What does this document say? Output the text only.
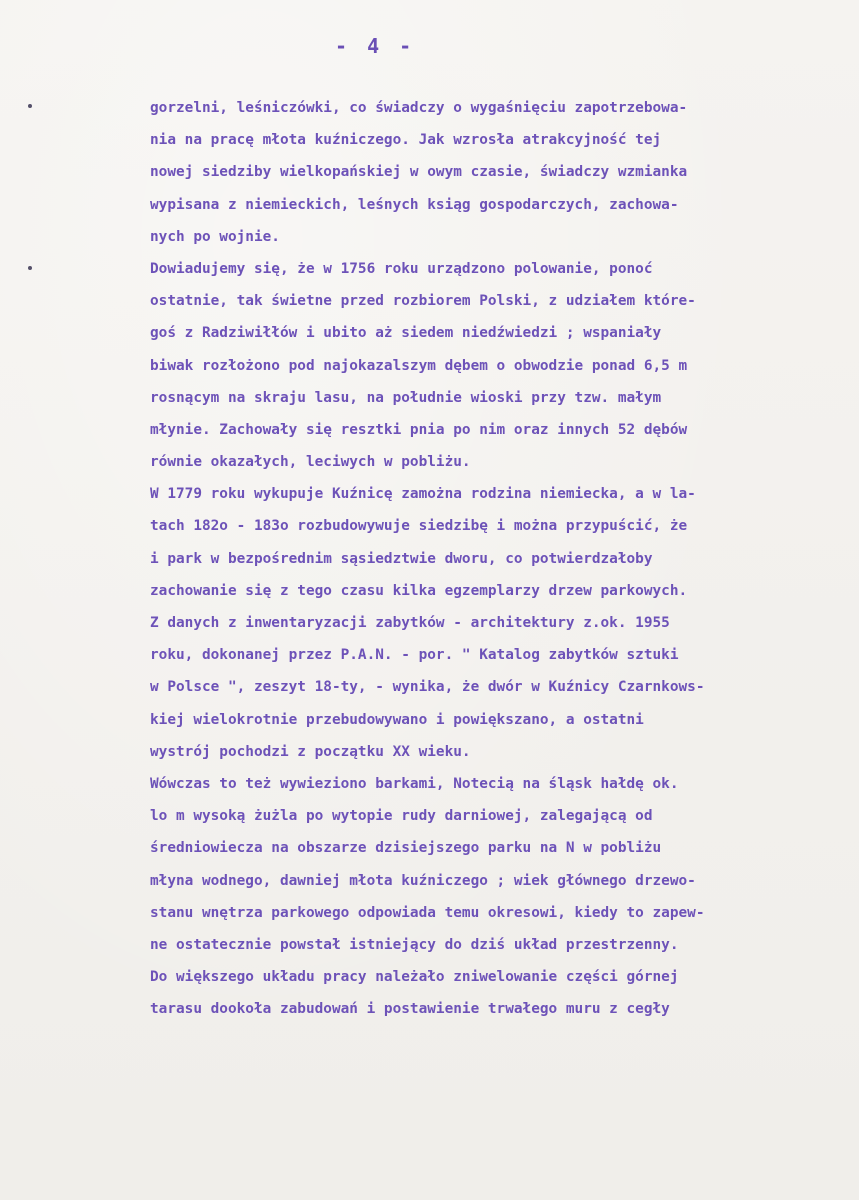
- 4 -
gorzelni, leśniczówki, co świadczy o wygaśnięciu zapotrzebowa-
nia na pracę młota kuźniczego. Jak wzrosła atrakcyjność tej
nowej siedziby wielkopańskiej w owym czasie, świadczy wzmianka
wypisana z niemieckich, leśnych ksiąg gospodarczych, zachowa-
nych po wojnie.
Dowiadujemy się, że w 1756 roku urządzono polowanie, ponoć
ostatnie, tak świetne przed rozbiorem Polski, z udziałem które-
goś z Radziwiłłów i ubito aż siedem niedźwiedzi ; wspaniały
biwak rozłożono pod najokazalszym dębem o obwodzie ponad 6,5 m
rosnącym na skraju lasu, na południe wioski przy tzw. małym
młynie. Zachowały się resztki pnia po nim oraz innych 52 dębów
równie okazałych, leciwych w pobliżu.
W 1779 roku wykupuje Kuźnicę zamożna rodzina niemiecka, a w la-
tach 182o - 183o rozbudowywuje siedzibę i można przypuścić, że
i park w bezpośrednim sąsiedztwie dworu, co potwierdzałoby
zachowanie się z tego czasu kilka egzemplarzy drzew parkowych.
Z danych z inwentaryzacji zabytków - architektury z.ok. 1955
roku, dokonanej przez P.A.N. - por. " Katalog zabytków sztuki
w Polsce ", zeszyt 18-ty, - wynika, że dwór w Kuźnicy Czarnkows-
kiej wielokrotnie przebudowywano i powiększano, a ostatni
wystrój pochodzi z początku XX wieku.
Wówczas to też wywieziono barkami, Notecią na śląsk hałdę ok.
lo m wysoką żużla po wytopie rudy darniowej, zalegającą od
średniowiecza na obszarze dzisiejszego parku na N w pobliżu
młyna wodnego, dawniej młota kuźniczego ; wiek głównego drzewo-
stanu wnętrza parkowego odpowiada temu okresowi, kiedy to zapew-
ne ostatecznie powstał istniejący do dziś układ przestrzenny.
Do większego układu pracy należało zniwelowanie części górnej
tarasu dookoła zabudowań i postawienie trwałego muru z cegły
